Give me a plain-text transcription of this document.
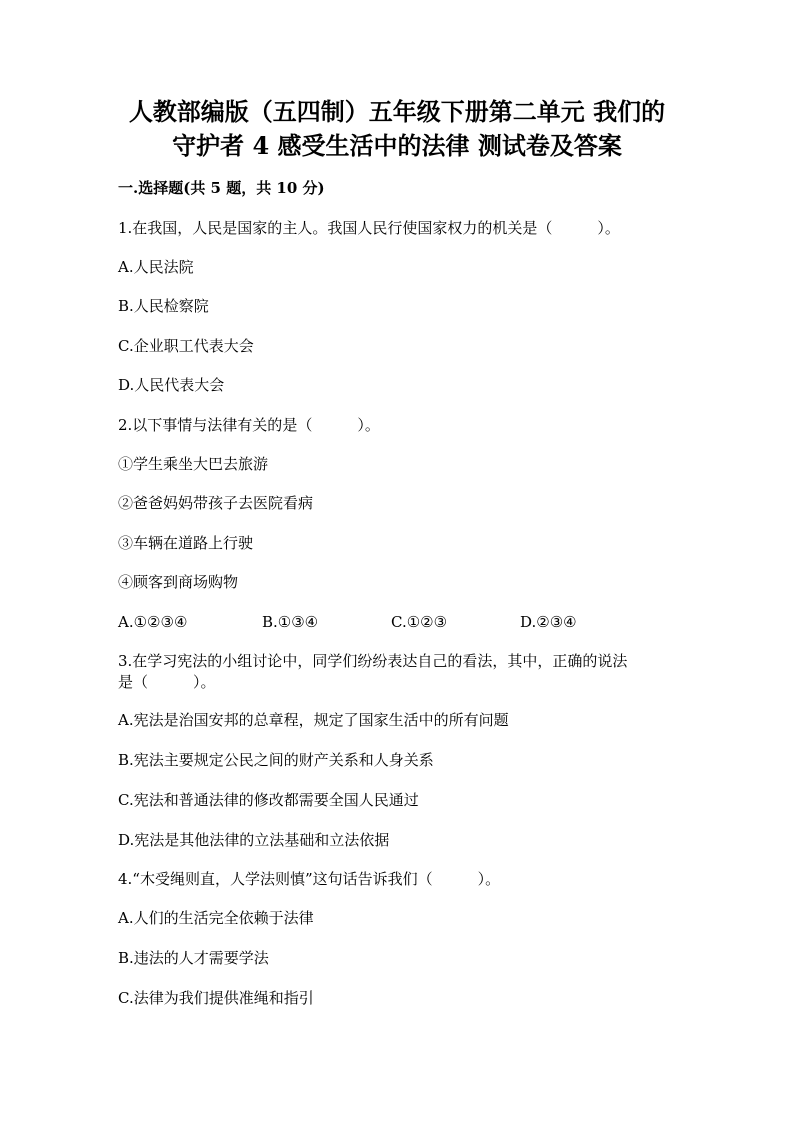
人教部编版（五四制）五年级下册第二单元 我们的
守护者 4 感受生活中的法律 测试卷及答案
一.选择题(共 5 题，共 10 分)
1.在我国，人民是国家的主人。我国人民行使国家权力的机关是（　　　）。
A.人民法院
B.人民检察院
C.企业职工代表大会
D.人民代表大会
2.以下事情与法律有关的是（　　　）。
①学生乘坐大巴去旅游
②爸爸妈妈带孩子去医院看病
③车辆在道路上行驶
④顾客到商场购物
A.①②③④	B.①③④	C.①②③	D.②③④
3.在学习宪法的小组讨论中，同学们纷纷表达自己的看法，其中，正确的说法
是（　　　）。
A.宪法是治国安邦的总章程，规定了国家生活中的所有问题
B.宪法主要规定公民之间的财产关系和人身关系
C.宪法和普通法律的修改都需要全国人民通过
D.宪法是其他法律的立法基础和立法依据
4.“木受绳则直，人学法则慎”这句话告诉我们（　　　）。
A.人们的生活完全依赖于法律
B.违法的人才需要学法
C.法律为我们提供准绳和指引
